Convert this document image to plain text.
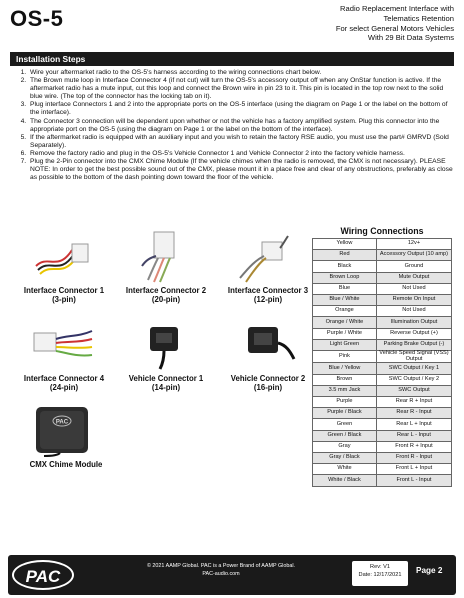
OS-5	Radio Replacement Interface with
Telematics Retention
For select General Motors Vehicles
With 29 Bit Data Systems
Installation Steps
1. Wire your aftermarket radio to the OS-5's harness according to the wiring connections chart below.
2. The Brown mute loop in Interface Connector 4 (if not cut) will turn the OS-5's accessory output off when any OnStar function is active. If the aftermarket radio has a mute input, cut this loop and connect the Brown wire in pin 23 to it. This pin is located in the top row next to the solid blue wire. (The top of the connector has the locking tab on it).
3. Plug interface Connectors 1 and 2 into the appropriate ports on the OS-5 interface (using the diagram on Page 1 or the label on the bottom of the interface).
4. The Connector 3 connection will be dependent upon whether or not the vehicle has a factory amplified system. Plug this connector into the appropriate port on the OS-5 (using the diagram on Page 1 or the label on the bottom of the interface).
5. If the aftermarket radio is equipped with an auxiliary input and you wish to retain the factory RSE audio, you must use the part# GMRVD (Sold Separately).
6. Remove the factory radio and plug in the OS-5's Vehicle Connector 1 and Vehicle Connector 2 into the factory vehicle harness.
7. Plug the 2-Pin connector into the CMX Chime Module (If the vehicle chimes when the radio is removed, the CMX is not necessary). PLEASE NOTE: In order to get the best possible sound out of the CMX, please mount it in a place free and clear of any obstructions, preferably as close as possible to the bottom of the dash pointing down toward the floor of the vehicle.
Interface Connector 1
(3-pin)
Interface Connector 2
(20-pin)
Interface Connector 3
(12-pin)
Interface Connector 4
(24-pin)
Vehicle Connector 1
(14-pin)
Vehicle Connector 2
(16-pin)
PAC
CMX Chime Module
Wiring Connections
Yellow	12v+
Red	Accessory Output (10 amp)
Black	Ground
Brown Loop	Mute Output
Blue	Not Used
Blue / White	Remote On Input
Orange	Not Used
Orange / White	Illumination Output
Purple / White	Reverse Output (+)
Light Green	Parking Brake Output (-)
Pink	Vehicle Speed Signal (VSS) Output
Blue / Yellow	SWC Output / Key 1
Brown	SWC Output / Key 2
3.5 mm Jack	SWC Output
Purple	Rear R + Input
Purple / Black	Rear R - Input
Green	Rear L + Input
Green / Black	Rear L - Input
Gray	Front R + Input
Gray / Black	Front R - Input
White	Front L + Input
White / Black	Front L - Input
PAC
© 2021 AAMP Global. PAC is a Power Brand of AAMP Global.
PAC-audio.com
Rev: V1
Date: 12/17/2021	Page 2
